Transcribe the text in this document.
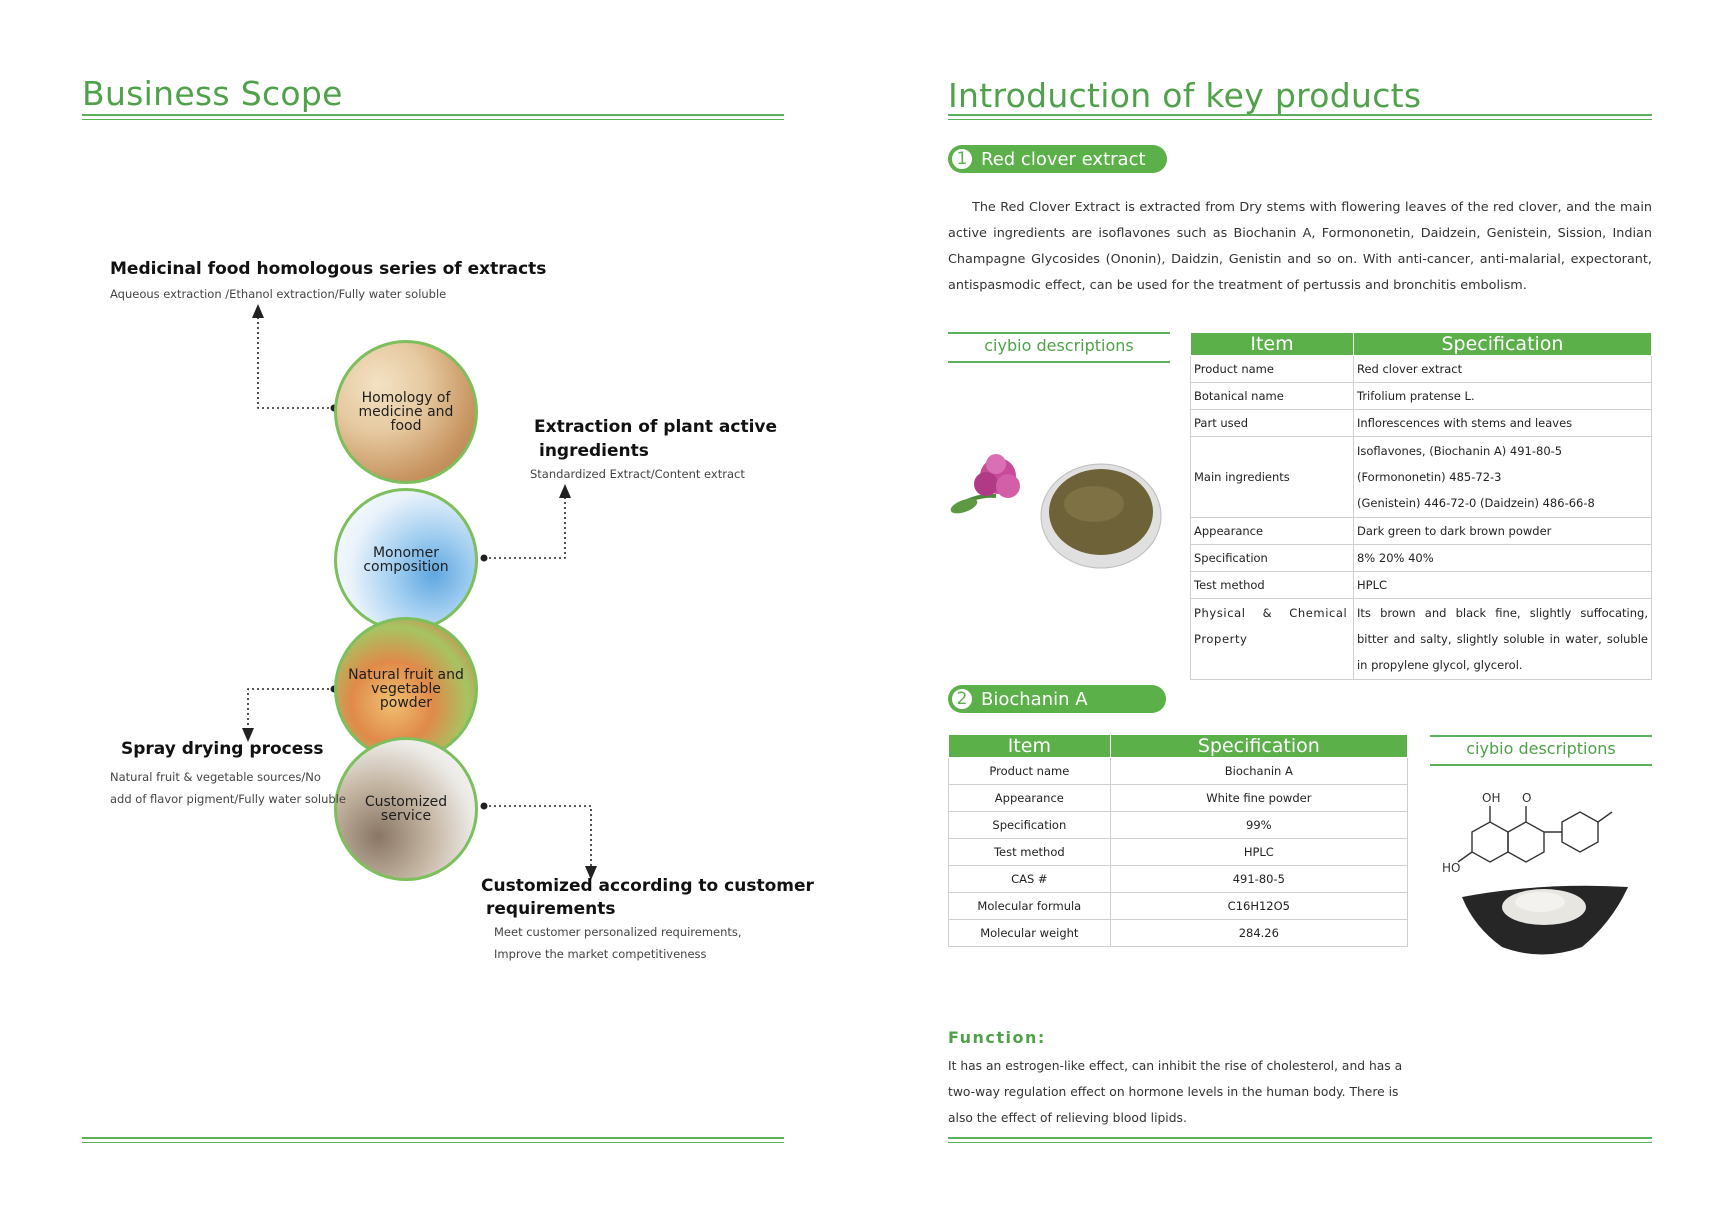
Business Scope
Homology of medicine and food
Monomer composition
Natural fruit and vegetable powder
Customized service
Medicinal food homologous series of extracts
Aqueous extraction /Ethanol extraction/Fully water soluble
Extraction of plant active
ingredients
Standardized Extract/Content extract
Spray drying process
Natural fruit & vegetable sources/No
add of flavor pigment/Fully water soluble
Customized according to customer
requirements
Meet customer personalized requirements,
Improve the market competitiveness
Introduction of key products
1 Red clover extract
The Red Clover Extract is extracted from Dry stems with flowering leaves of the red clover, and the main active ingredients are isoflavones such as Biochanin A, Formononetin, Daidzein, Genistein, Sission, Indian Champagne Glycosides (Ononin), Daidzin, Genistin and so on. With anti-cancer, anti-malarial, expectorant, antispasmodic effect, can be used for the treatment of pertussis and bronchitis embolism.
ciybio descriptions	Item	Specification
Product name	Red clover extract
Botanical name	Trifolium pratense L.
Part used	Inflorescences with stems and leaves
Main ingredients	Isoflavones, (Biochanin A) 491-80-5
(Formononetin) 485-72-3
(Genistein) 446-72-0 (Daidzein) 486-66-8

Appearance	Dark green to dark brown powder
Specification	8% 20% 40%
Test method	HPLC

Physical    &    Chemical
Property	Its brown and black fine, slightly suffocating, bitter and salty, slightly soluble in water, soluble in propylene glycol, glycerol.
2 Biochanin A
Item	Specification
Product name	Biochanin A
Appearance	White fine powder
Specification	99%
Test method	HPLC
CAS #	491-80-5
Molecular formula	C16H12O5
Molecular weight	284.26
ciybio descriptions
OH O
HO
Function:
It has an estrogen-like effect, can inhibit the rise of cholesterol, and has a
two-way regulation effect on hormone levels in the human body. There is
also the effect of relieving blood lipids.
